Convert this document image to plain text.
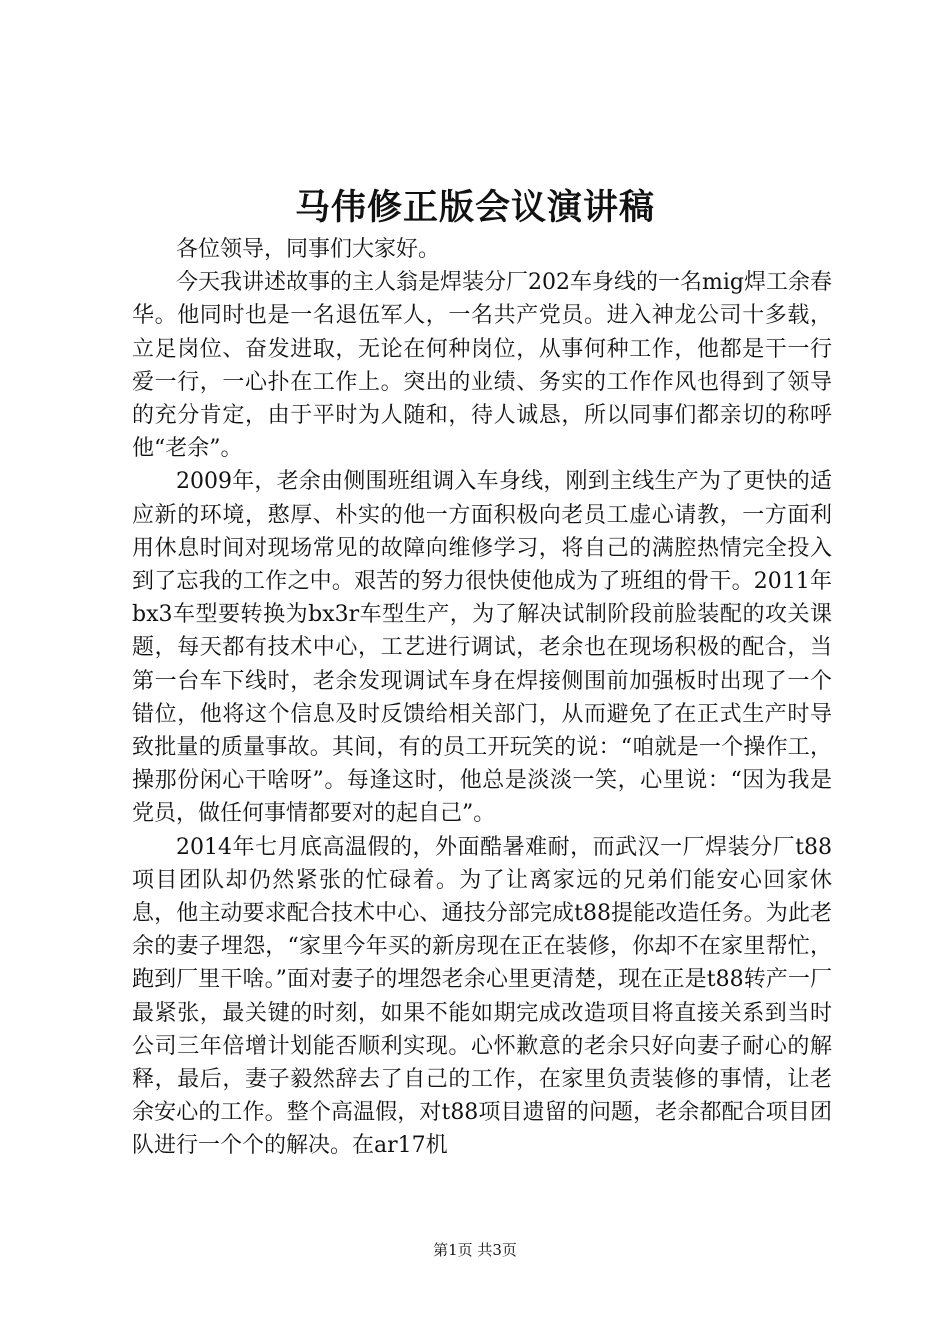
马伟修正版会议演讲稿

各位领导，同事们大家好。

今天我讲述故事的主人翁是焊装分厂202车身线的一名mig焊工余春华。他同时也是一名退伍军人，一名共产党员。进入神龙公司十多载，立足岗位、奋发进取，无论在何种岗位，从事何种工作，他都是干一行爱一行，一心扑在工作上。突出的业绩、务实的工作作风也得到了领导的充分肯定，由于平时为人随和，待人诚恳，所以同事们都亲切的称呼他“老余”。

2009年，老余由侧围班组调入车身线，刚到主线生产为了更快的适应新的环境，憨厚、朴实的他一方面积极向老员工虚心请教，一方面利用休息时间对现场常见的故障向维修学习，将自己的满腔热情完全投入到了忘我的工作之中。艰苦的努力很快使他成为了班组的骨干。2011年bx3车型要转换为bx3r车型生产，为了解决试制阶段前脸装配的攻关课题，每天都有技术中心，工艺进行调试，老余也在现场积极的配合，当第一台车下线时，老余发现调试车身在焊接侧围前加强板时出现了一个错位，他将这个信息及时反馈给相关部门，从而避免了在正式生产时导致批量的质量事故。其间，有的员工开玩笑的说：“咱就是一个操作工，操那份闲心干啥呀”。每逢这时，他总是淡淡一笑，心里说：“因为我是党员，做任何事情都要对的起自己”。

2014年七月底高温假的，外面酷暑难耐，而武汉一厂焊装分厂t88项目团队却仍然紧张的忙碌着。为了让离家远的兄弟们能安心回家休息，他主动要求配合技术中心、通技分部完成t88提能改造任务。为此老余的妻子埋怨，“家里今年买的新房现在正在装修，你却不在家里帮忙，跑到厂里干啥。”面对妻子的埋怨老余心里更清楚，现在正是t88转产一厂最紧张，最关键的时刻，如果不能如期完成改造项目将直接关系到当时公司三年倍增计划能否顺利实现。心怀歉意的老余只好向妻子耐心的解释，最后，妻子毅然辞去了自己的工作，在家里负责装修的事情，让老余安心的工作。整个高温假，对t88项目遗留的问题，老余都配合项目团队进行一个个的解决。在ar17机

第1页 共3页
